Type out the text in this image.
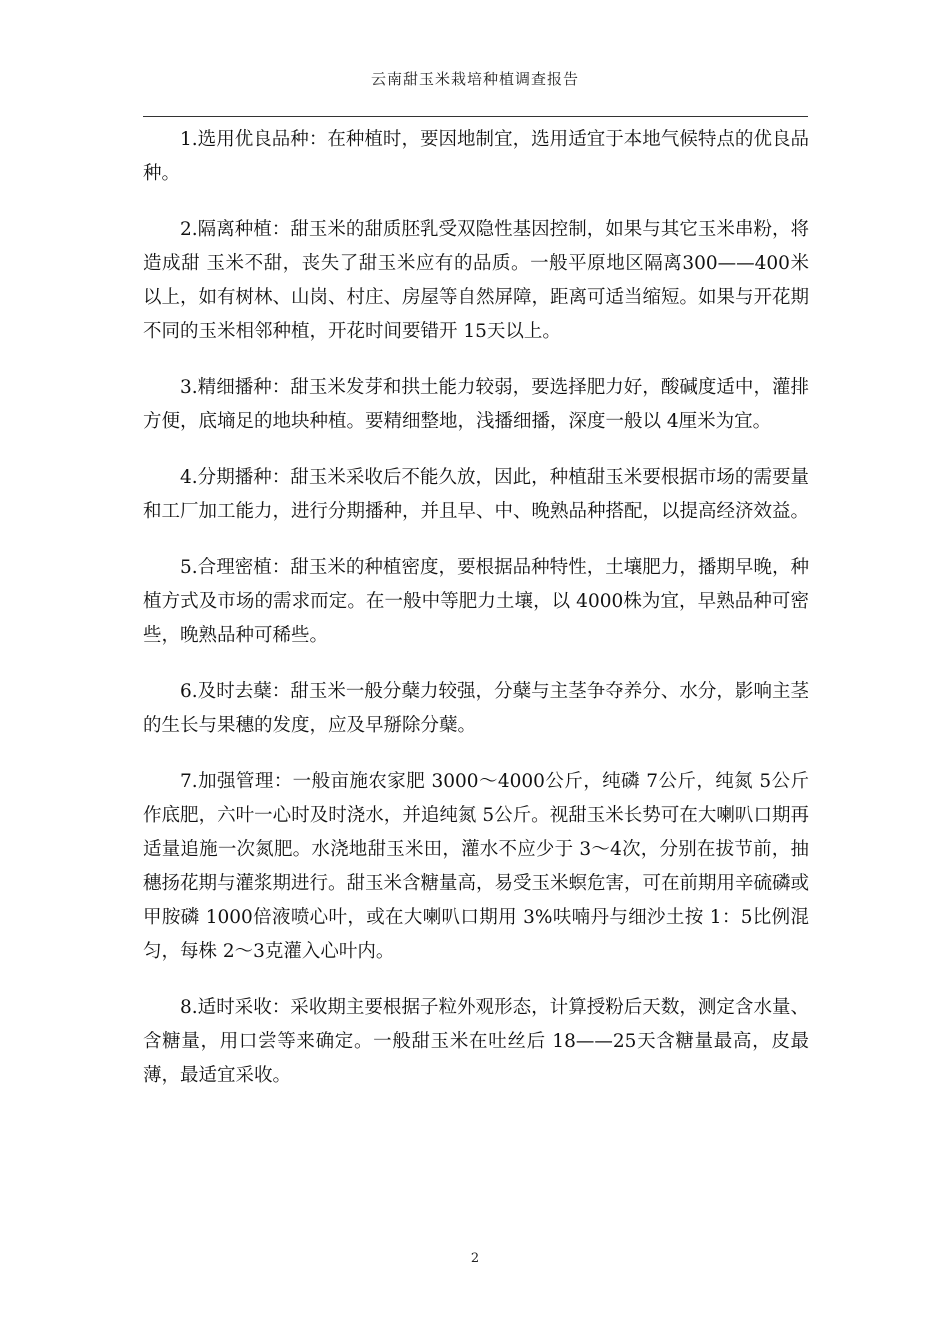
云南甜玉米栽培种植调查报告

1.选用优良品种：在种植时，要因地制宜，选用适宜于本地气候特点的优良品种。

2.隔离种植：甜玉米的甜质胚乳受双隐性基因控制，如果与其它玉米串粉，将造成甜 玉米不甜，丧失了甜玉米应有的品质。一般平原地区隔离300——400米以上，如有树林、山岗、村庄、房屋等自然屏障，距离可适当缩短。如果与开花期不同的玉米相邻种植，开花时间要错开 15天以上。

3.精细播种：甜玉米发芽和拱土能力较弱，要选择肥力好，酸碱度适中，灌排方便，底墒足的地块种植。要精细整地，浅播细播，深度一般以 4厘米为宜。

4.分期播种：甜玉米采收后不能久放，因此，种植甜玉米要根据市场的需要量和工厂加工能力，进行分期播种，并且早、中、晚熟品种搭配，以提高经济效益。

5.合理密植：甜玉米的种植密度，要根据品种特性，土壤肥力，播期早晚，种植方式及市场的需求而定。在一般中等肥力土壤，以 4000株为宜，早熟品种可密些，晚熟品种可稀些。

6.及时去蘖：甜玉米一般分蘖力较强，分蘖与主茎争夺养分、水分，影响主茎的生长与果穗的发度，应及早掰除分蘖。

7.加强管理：一般亩施农家肥 3000～4000公斤，纯磷 7公斤，纯氮 5公斤作底肥，六叶一心时及时浇水，并追纯氮 5公斤。视甜玉米长势可在大喇叭口期再适量追施一次氮肥。水浇地甜玉米田，灌水不应少于 3～4次，分别在拔节前，抽穗扬花期与灌浆期进行。甜玉米含糖量高，易受玉米螟危害，可在前期用辛硫磷或甲胺磷 1000倍液喷心叶，或在大喇叭口期用 3%呋喃丹与细沙土按 1：5比例混匀，每株 2～3克灌入心叶内。

8.适时采收：采收期主要根据子粒外观形态，计算授粉后天数，测定含水量、含糖量，用口尝等来确定。一般甜玉米在吐丝后 18——25天含糖量最高，皮最薄，最适宜采收。

2
